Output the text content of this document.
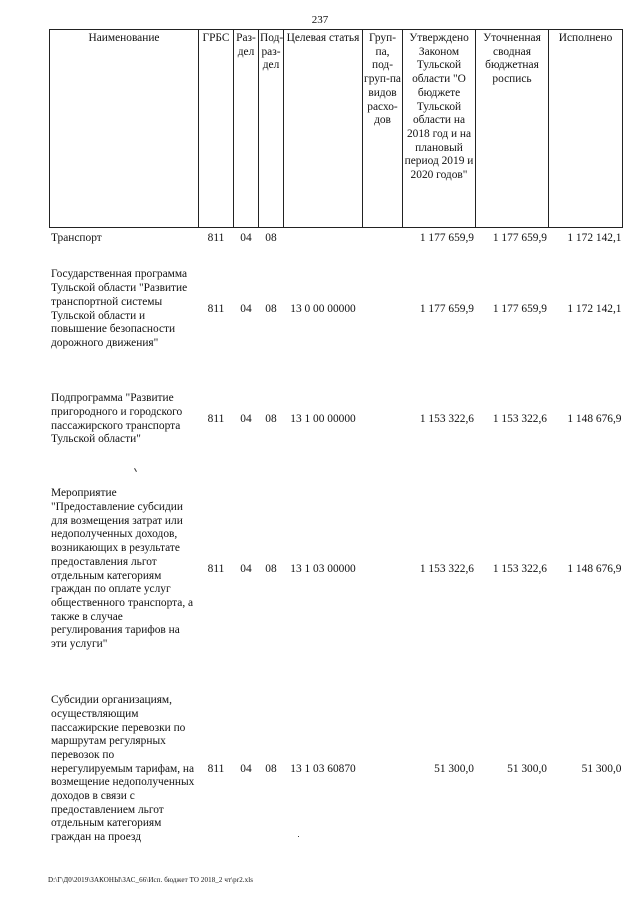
237
Наименование	ГРБС	Раз-дел	Под-раз-дел	Целевая статья	Груп-па, под-груп-па видов расхо-дов	Утверждено Законом Тульской области "О бюджете Тульской области на 2018 год и на плановый период 2019 и 2020 годов"	Уточненная сводная бюджетная роспись	Исполнено
Транспорт	811	04	08			1 177 659,9	1 177 659,9	1 172 142,1
Государственная программа Тульской области "Развитие транспортной системы Тульской области и повышение безопасности дорожного движения"	811	04	08	13 0 00 00000		1 177 659,9	1 177 659,9	1 172 142,1
Подпрограмма "Развитие пригородного и городского пассажирского транспорта Тульской области"	811	04	08	13 1 00 00000		1 153 322,6	1 153 322,6	1 148 676,9
Мероприятие "Предоставление субсидии для возмещения затрат или недополученных доходов, возникающих в результате предоставления льгот отдельным категориям граждан по оплате услуг общественного транспорта, а также в случае регулирования тарифов на эти услуги"	811	04	08	13 1 03 00000		1 153 322,6	1 153 322,6	1 148 676,9
Субсидии организациям, осуществляющим пассажирские перевозки по маршрутам регулярных перевозок по нерегулируемым тарифам, на возмещение недополученных доходов в связи с предоставлением льгот отдельным категориям граждан на проезд	811	04	08	13 1 03 60870		51 300,0	51 300,0	51 300,0
D:\Г\Д0\2019\ЗАКОНЫ\ЗАС_66\Исп. бюджет ТО 2018_2 чт\pr2.xls
